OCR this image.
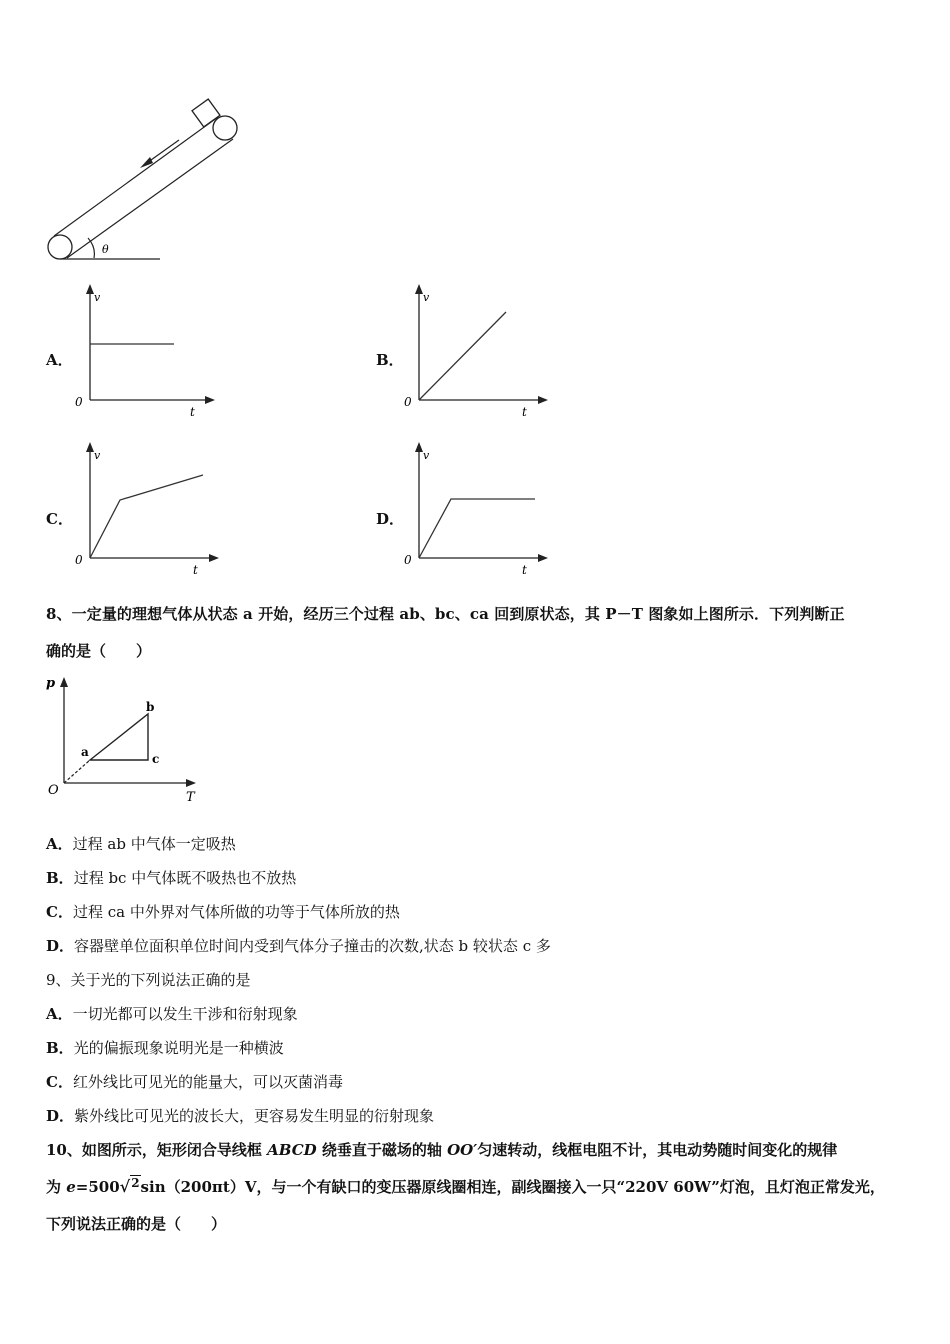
θ
A．	B．
C．	D．
v
t
0
v
t
0
v
t
0
v
t
0
8、一定量的理想气体从状态 a 开始，经历三个过程 ab、bc、ca 回到原状态，其 P－T 图象如上图所示．下列判断正
确的是（　　）
p
T
O
a
b
c
A．过程 ab 中气体一定吸热
B．过程 bc 中气体既不吸热也不放热
C．过程 ca 中外界对气体所做的功等于气体所放的热
D．容器壁单位面积单位时间内受到气体分子撞击的次数,状态 b 较状态 c 多
9、关于光的下列说法正确的是
A．一切光都可以发生干涉和衍射现象
B．光的偏振现象说明光是一种横波
C．红外线比可见光的能量大，可以灭菌消毒
D．紫外线比可见光的波长大，更容易发生明显的衍射现象
10、如图所示，矩形闭合导线框 ABCD 绕垂直于磁场的轴 OO′匀速转动，线框电阻不计，其电动势随时间变化的规律
为 e=500√$^2$sin（200πt）V，与一个有缺口的变压器原线圈相连，副线圈接入一只“220V 60W”灯泡，且灯泡正常发光，
下列说法正确的是（　　）
